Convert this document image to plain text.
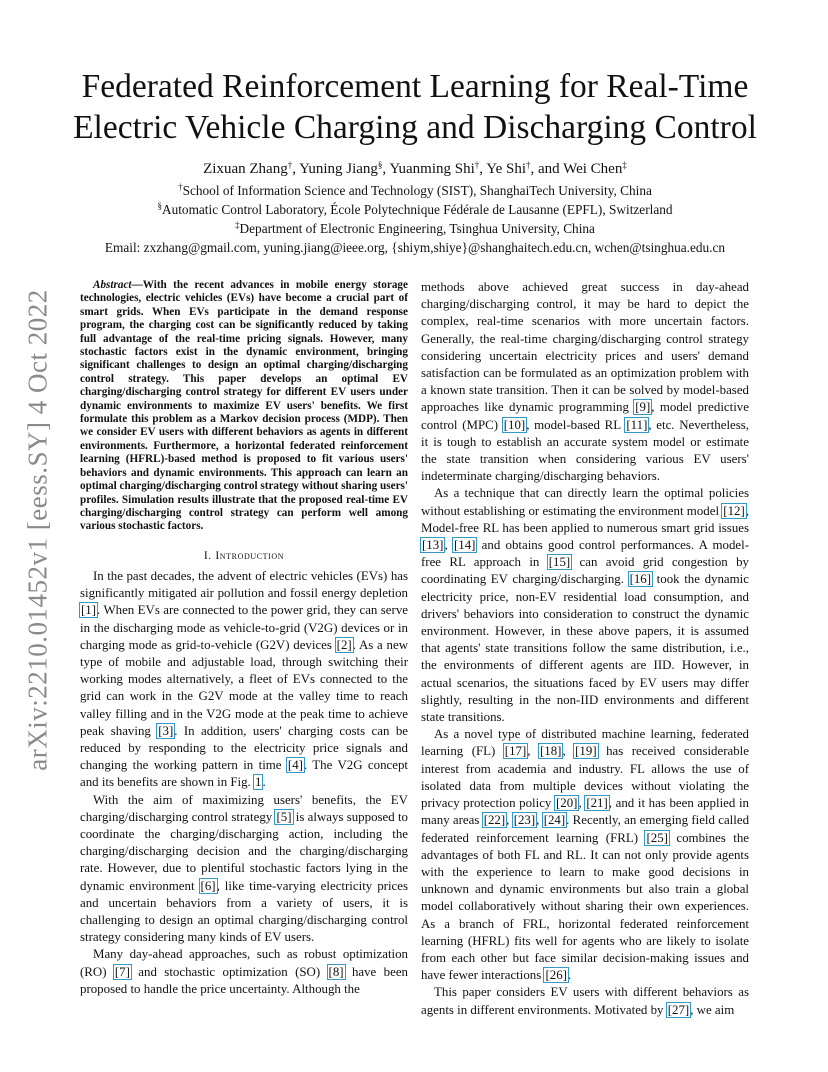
arXiv:2210.01452v1 [eess.SY] 4 Oct 2022
Federated Reinforcement Learning for Real-Time
Electric Vehicle Charging and Discharging Control
Zixuan Zhang†, Yuning Jiang§, Yuanming Shi†, Ye Shi†, and Wei Chen‡
†School of Information Science and Technology (SIST), ShanghaiTech University, China
§Automatic Control Laboratory, École Polytechnique Fédérale de Lausanne (EPFL), Switzerland
‡Department of Electronic Engineering, Tsinghua University, China
Email: zxzhang@gmail.com, yuning.jiang@ieee.org, {shiym,shiye}@shanghaitech.edu.cn, wchen@tsinghua.edu.cn

Abstract—With the recent advances in mobile energy storage technologies, electric vehicles (EVs) have become a crucial part of smart grids. When EVs participate in the demand response program, the charging cost can be significantly reduced by taking full advantage of the real-time pricing signals. However, many stochastic factors exist in the dynamic environment, bringing significant challenges to design an optimal charging/discharging control strategy. This paper develops an optimal EV charging/discharging control strategy for different EV users under dynamic environments to maximize EV users' benefits. We first formulate this problem as a Markov decision process (MDP). Then we consider EV users with different behaviors as agents in different environments. Furthermore, a horizontal federated reinforcement learning (HFRL)-based method is proposed to fit various users' behaviors and dynamic environments. This approach can learn an optimal charging/discharging control strategy without sharing users' profiles. Simulation results illustrate that the proposed real-time EV charging/discharging control strategy can perform well among various stochastic factors.

I. Introduction

In the past decades, the advent of electric vehicles (EVs) has significantly mitigated air pollution and fossil energy depletion [1]. When EVs are connected to the power grid, they can serve in the discharging mode as vehicle-to-grid (V2G) devices or in charging mode as grid-to-vehicle (G2V) devices [2]. As a new type of mobile and adjustable load, through switching their working modes alternatively, a fleet of EVs connected to the grid can work in the G2V mode at the valley time to reach valley filling and in the V2G mode at the peak time to achieve peak shaving [3]. In addition, users' charging costs can be reduced by responding to the electricity price signals and changing the working pattern in time [4]. The V2G concept and its benefits are shown in Fig. 1.

With the aim of maximizing users' benefits, the EV charging/discharging control strategy [5] is always supposed to coordinate the charging/discharging action, including the charging/discharging decision and the charging/discharging rate. However, due to plentiful stochastic factors lying in the dynamic environment [6], like time-varying electricity prices and uncertain behaviors from a variety of users, it is challenging to design an optimal charging/discharging control strategy considering many kinds of EV users.

Many day-ahead approaches, such as robust optimization (RO) [7] and stochastic optimization (SO) [8] have been proposed to handle the price uncertainty. Although the

methods above achieved great success in day-ahead charging/discharging control, it may be hard to depict the complex, real-time scenarios with more uncertain factors. Generally, the real-time charging/discharging control strategy considering uncertain electricity prices and users' demand satisfaction can be formulated as an optimization problem with a known state transition. Then it can be solved by model-based approaches like dynamic programming [9], model predictive control (MPC) [10], model-based RL [11], etc. Nevertheless, it is tough to establish an accurate system model or estimate the state transition when considering various EV users' indeterminate charging/discharging behaviors.

As a technique that can directly learn the optimal policies without establishing or estimating the environment model [12], Model-free RL has been applied to numerous smart grid issues [13], [14] and obtains good control performances. A model-free RL approach in [15] can avoid grid congestion by coordinating EV charging/discharging. [16] took the dynamic electricity price, non-EV residential load consumption, and drivers' behaviors into consideration to construct the dynamic environment. However, in these above papers, it is assumed that agents' state transitions follow the same distribution, i.e., the environments of different agents are IID. However, in actual scenarios, the situations faced by EV users may differ slightly, resulting in the non-IID environments and different state transitions.

As a novel type of distributed machine learning, federated learning (FL) [17], [18], [19] has received considerable interest from academia and industry. FL allows the use of isolated data from multiple devices without violating the privacy protection policy [20], [21], and it has been applied in many areas [22], [23], [24]. Recently, an emerging field called federated reinforcement learning (FRL) [25] combines the advantages of both FL and RL. It can not only provide agents with the experience to learn to make good decisions in unknown and dynamic environments but also train a global model collaboratively without sharing their own experiences. As a branch of FRL, horizontal federated reinforcement learning (HFRL) fits well for agents who are likely to isolate from each other but face similar decision-making issues and have fewer interactions [26].

This paper considers EV users with different behaviors as agents in different environments. Motivated by [27], we aim
